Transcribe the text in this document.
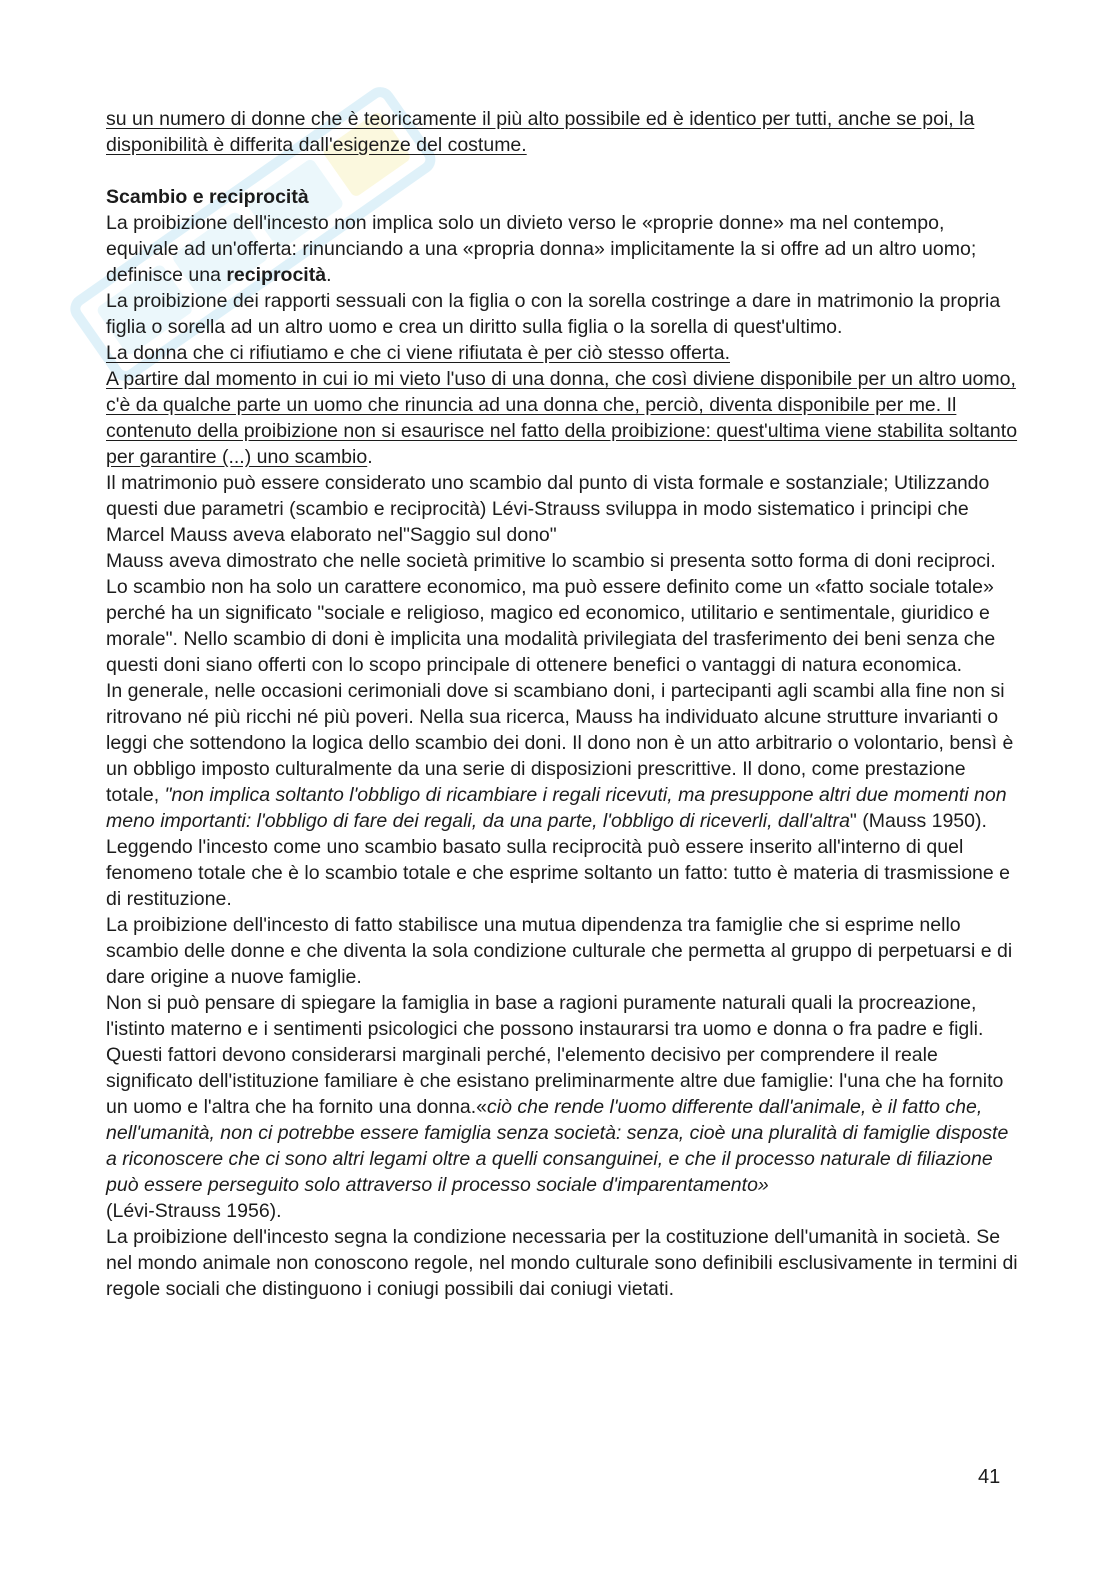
su un numero di donne che è teoricamente il più alto possibile ed è identico per tutti, anche se poi, la disponibilità è differita dall'esigenze del costume.

Scambio e reciprocità

La proibizione dell'incesto non implica solo un divieto verso le «proprie donne» ma nel contempo, equivale ad un'offerta: rinunciando a una «propria donna» implicitamente la si offre ad un altro uomo; definisce una reciprocità.

La proibizione dei rapporti sessuali con la figlia o con la sorella costringe a dare in matrimonio la propria figlia o sorella ad un altro uomo e crea un diritto sulla figlia o la sorella di quest'ultimo.

La donna che ci rifiutiamo e che ci viene rifiutata è per ciò stesso offerta.

A partire dal momento in cui io mi vieto l'uso di una donna, che così diviene disponibile per un altro uomo, c'è da qualche parte un uomo che rinuncia ad una donna che, perciò, diventa disponibile per me. Il contenuto della proibizione non si esaurisce nel fatto della proibizione: quest'ultima viene stabilita soltanto per garantire (...) uno scambio.

Il matrimonio può essere considerato uno scambio dal punto di vista formale e sostanziale; Utilizzando questi due parametri (scambio e reciprocità) Lévi-Strauss sviluppa in modo sistematico i principi che Marcel Mauss aveva elaborato nel"Saggio sul dono"

Mauss aveva dimostrato che nelle società primitive lo scambio si presenta sotto forma di doni reciproci. Lo scambio non ha solo un carattere economico, ma può essere definito come un «fatto sociale totale» perché ha un significato "sociale e religioso, magico ed economico, utilitario e sentimentale, giuridico e morale". Nello scambio di doni è implicita una modalità privilegiata del trasferimento dei beni senza che questi doni siano offerti con lo scopo principale di ottenere benefici o vantaggi di natura economica.

In generale, nelle occasioni cerimoniali dove si scambiano doni, i partecipanti agli scambi alla fine non si ritrovano né più ricchi né più poveri. Nella sua ricerca, Mauss ha individuato alcune strutture invarianti o leggi che sottendono la logica dello scambio dei doni. Il dono non è un atto arbitrario o volontario, bensì è un obbligo imposto culturalmente da una serie di disposizioni prescrittive. Il dono, come prestazione totale, "non implica soltanto l'obbligo di ricambiare i regali ricevuti, ma presuppone altri due momenti non meno importanti: l'obbligo di fare dei regali, da una parte, l'obbligo di riceverli, dall'altra" (Mauss 1950).

Leggendo l'incesto come uno scambio basato sulla reciprocità può essere inserito all'interno di quel fenomeno totale che è lo scambio totale e che esprime soltanto un fatto: tutto è materia di trasmissione e di restituzione.

La proibizione dell'incesto di fatto stabilisce una mutua dipendenza tra famiglie che si esprime nello scambio delle donne e che diventa la sola condizione culturale che permetta al gruppo di perpetuarsi e di dare origine a nuove famiglie.

Non si può pensare di spiegare la famiglia in base a ragioni puramente naturali quali la procreazione, l'istinto materno e i sentimenti psicologici che possono instaurarsi tra uomo e donna o fra padre e figli. Questi fattori devono considerarsi marginali perché, l'elemento decisivo per comprendere il reale significato dell'istituzione familiare è che esistano preliminarmente altre due famiglie: l'una che ha fornito un uomo e l'altra che ha fornito una donna.«ciò che rende l'uomo differente dall'animale, è il fatto che, nell'umanità, non ci potrebbe essere famiglia senza società: senza, cioè una pluralità di famiglie disposte a riconoscere che ci sono altri legami oltre a quelli consanguinei, e che il processo naturale di filiazione può essere perseguito solo attraverso il processo sociale d'imparentamento»
(Lévi-Strauss 1956).

La proibizione dell'incesto segna la condizione necessaria per la costituzione dell'umanità in società. Se nel mondo animale non conoscono regole, nel mondo culturale sono definibili esclusivamente in termini di regole sociali che distinguono i coniugi possibili dai coniugi vietati.

41
